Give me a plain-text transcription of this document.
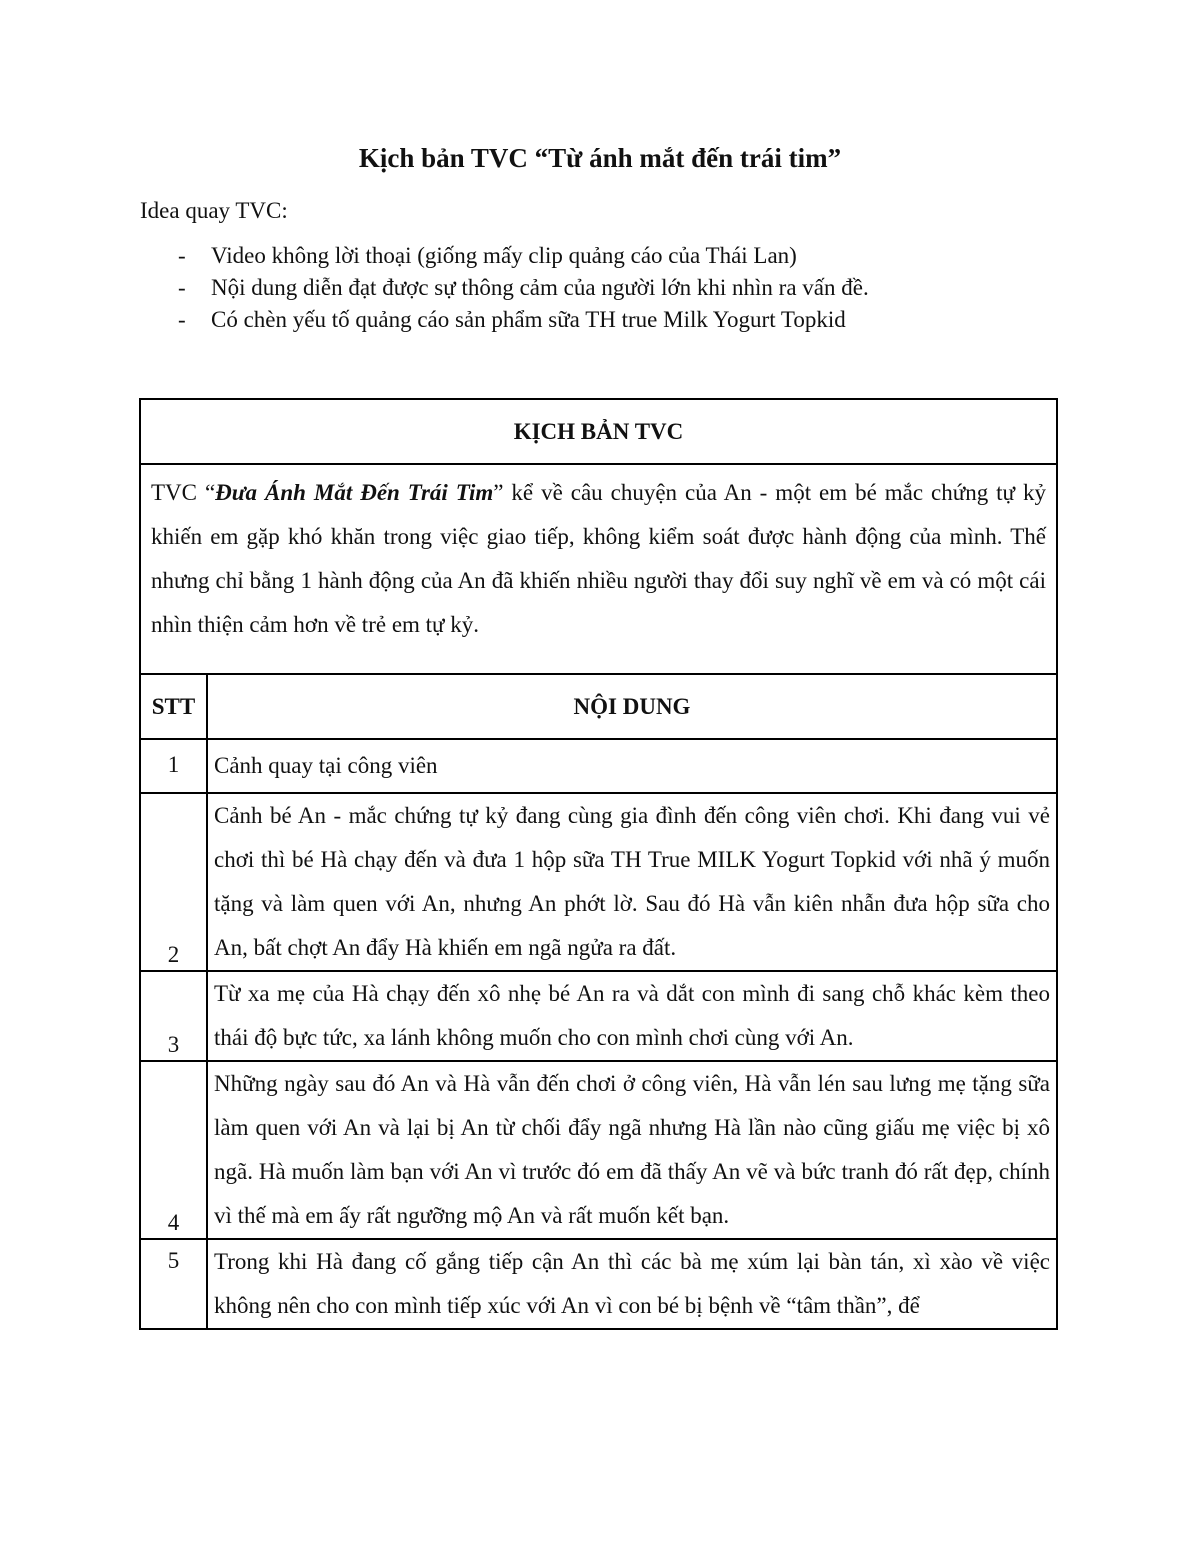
Kịch bản TVC “Từ ánh mắt đến trái tim”
Idea quay TVC:
- Video không lời thoại (giống mấy clip quảng cáo của Thái Lan)
- Nội dung diễn đạt được sự thông cảm của người lớn khi nhìn ra vấn đề.
- Có chèn yếu tố quảng cáo sản phẩm sữa TH true Milk Yogurt Topkid
KỊCH BẢN TVC	
TVC “Đưa Ánh Mắt Đến Trái Tim” kể về câu chuyện của An - một em bé mắc chứng tự kỷ khiến em gặp khó khăn trong việc giao tiếp, không kiểm soát được hành động của mình. Thế nhưng chỉ bằng 1 hành động của An đã khiến nhiều người thay đổi suy nghĩ về em và có một cái nhìn thiện cảm hơn về trẻ em tự kỷ.	
STT	NỘI DUNG
1	Cảnh quay tại công viên
2	Cảnh bé An - mắc chứng tự kỷ đang cùng gia đình đến công viên chơi. Khi đang vui vẻ chơi thì bé Hà chạy đến và đưa 1 hộp sữa TH True MILK Yogurt Topkid với nhã ý muốn tặng và làm quen với An, nhưng An phớt lờ. Sau đó Hà vẫn kiên nhẫn đưa hộp sữa cho An, bất chợt An đẩy Hà khiến em ngã ngửa ra đất.
3	Từ xa mẹ của Hà chạy đến xô nhẹ bé An ra và dắt con mình đi sang chỗ khác kèm theo thái độ bực tức, xa lánh không muốn cho con mình chơi cùng với An.
4	Những ngày sau đó An và Hà vẫn đến chơi ở công viên, Hà vẫn lén sau lưng mẹ tặng sữa làm quen với An và lại bị An từ chối đẩy ngã nhưng Hà lần nào cũng giấu mẹ việc bị xô ngã. Hà muốn làm bạn với An vì trước đó em đã thấy An vẽ và bức tranh đó rất đẹp, chính vì thế mà em ấy rất ngưỡng mộ An và rất muốn kết bạn.
5	Trong khi Hà đang cố gắng tiếp cận An thì các bà mẹ xúm lại bàn tán, xì xào về việc không nên cho con mình tiếp xúc với An vì con bé bị bệnh về “tâm thần”, để
